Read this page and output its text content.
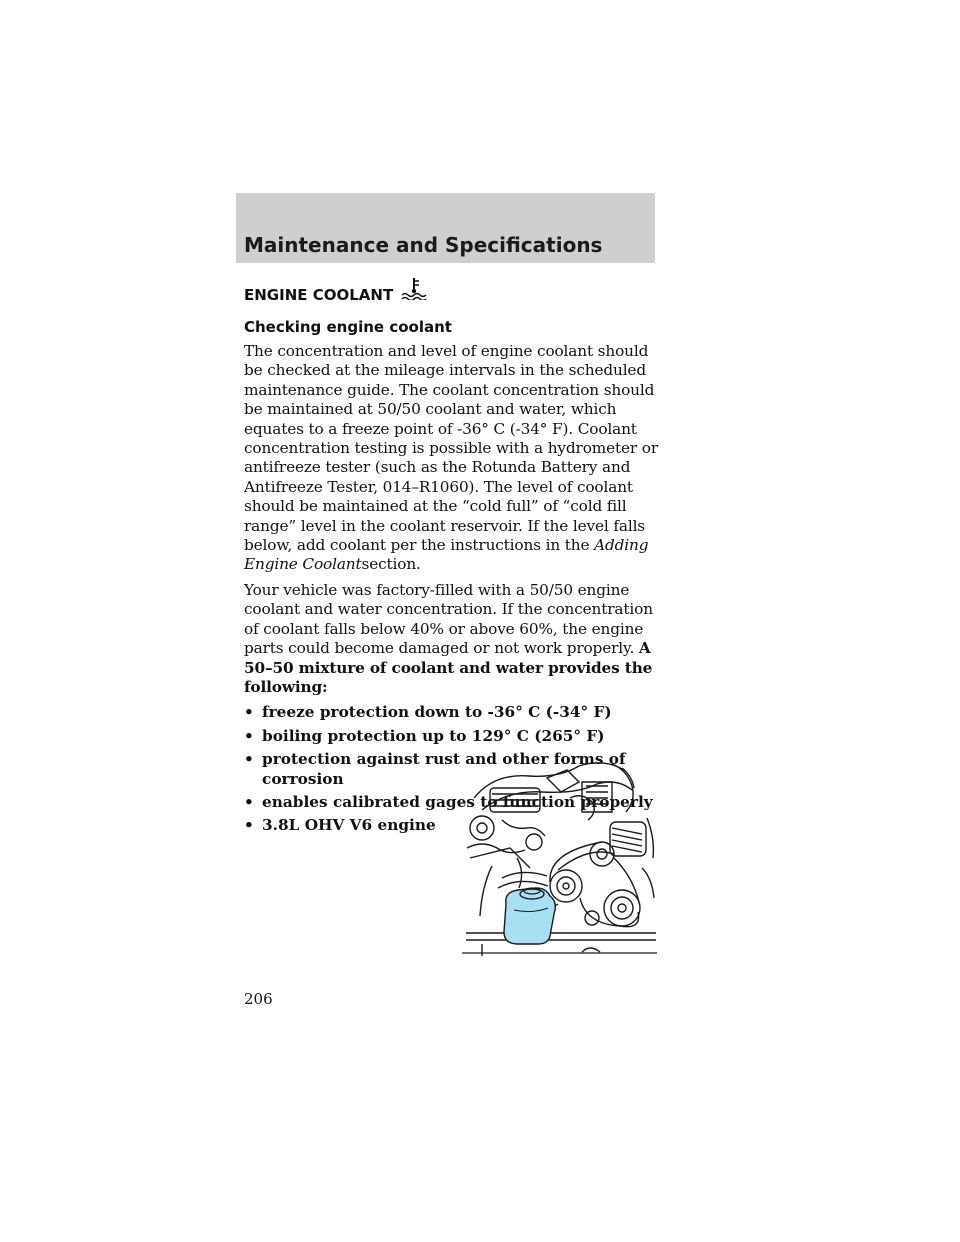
Maintenance and Specifications
ENGINE COOLANT
Checking engine coolant

The concentration and level of engine coolant should be checked at the mileage intervals in the scheduled maintenance guide. The coolant concentration should be maintained at 50/50 coolant and water, which equates to a freeze point of -36° C (-34° F). Coolant concentration testing is possible with a hydrometer or antifreeze tester (such as the Rotunda Battery and Antifreeze Tester, 014–R1060). The level of coolant should be maintained at the “cold full” of “cold fill range” level in the coolant reservoir. If the level falls below, add coolant per the instructions in the Adding Engine Coolantsection.

Your vehicle was factory-filled with a 50/50 engine coolant and water concentration. If the concentration of coolant falls below 40% or above 60%, the engine parts could become damaged or not work properly. A 50–50 mixture of coolant and water provides the following:

• freeze protection down to -36° C (-34° F)
• boiling protection up to 129° C (265° F)
• protection against rust and other forms of corrosion
• enables calibrated gages to function properly
• 3.8L OHV V6 engine
206
